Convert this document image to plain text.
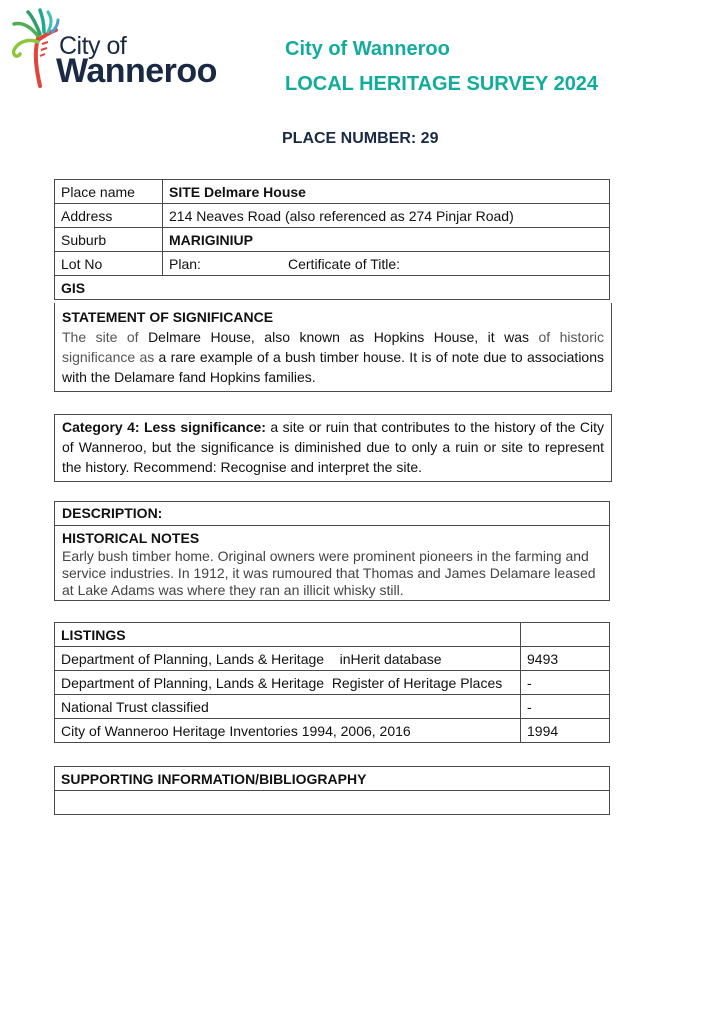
City of
Wanneroo
City of Wanneroo
LOCAL HERITAGE SURVEY 2024
PLACE NUMBER: 29
Place name	SITE Delmare House
Address	214 Neaves Road (also referenced as 274 Pinjar Road)
Suburb	MARIGINIUP
Lot No	Plan: Certificate of Title:
GIS	
STATEMENT OF SIGNIFICANCE
The site of Delmare House, also known as Hopkins House, it was of historic significance as a rare example of a bush timber house. It is of note due to associations with the Delamare fand Hopkins families.
Category 4: Less significance: a site or ruin that contributes to the history of the City of Wanneroo, but the significance is diminished due to only a ruin or site to represent the history. Recommend: Recognise and interpret the site.
DESCRIPTION:
HISTORICAL NOTES
Early bush timber home. Original owners were prominent pioneers in the farming and service industries. In 1912, it was rumoured that Thomas and James Delamare leased at Lake Adams was where they ran an illicit whisky still.
LISTINGS	
Department of Planning, Lands & Heritage    inHerit database	9493
Department of Planning, Lands & Heritage  Register of Heritage Places	-
National Trust classified	-
City of Wanneroo Heritage Inventories 1994, 2006, 2016	1994
SUPPORTING INFORMATION/BIBLIOGRAPHY
